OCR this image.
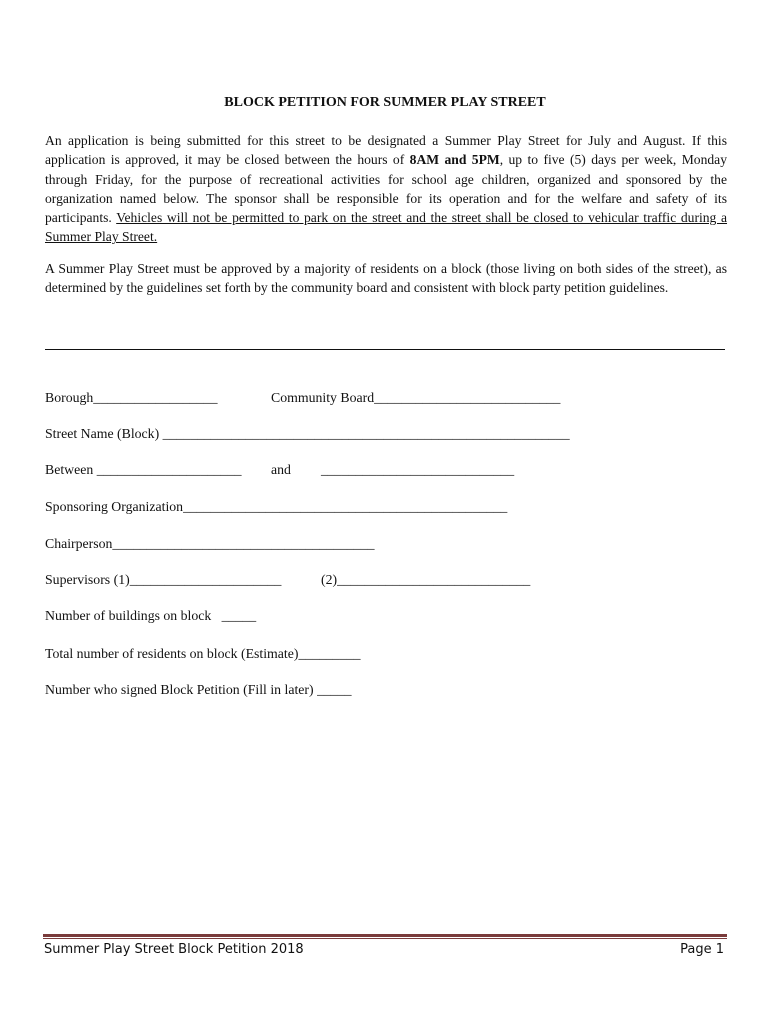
BLOCK PETITION FOR SUMMER PLAY STREET
An application is being submitted for this street to be designated a Summer Play Street for July and August. If this application is approved, it may be closed between the hours of 8AM and 5PM, up to five (5) days per week, Monday through Friday, for the purpose of recreational activities for school age children, organized and sponsored by the organization named below. The sponsor shall be responsible for its operation and for the welfare and safety of its participants. Vehicles will not be permitted to park on the street and the street shall be closed to vehicular traffic during a Summer Play Street.
A Summer Play Street must be approved by a majority of residents on a block (those living on both sides of the street), as determined by the guidelines set forth by the community board and consistent with block party petition guidelines.
Borough__________________	Community Board___________________________
Street Name (Block) ___________________________________________________________
Between _____________________ and ____________________________
Sponsoring Organization_______________________________________________
Chairperson______________________________________
Supervisors (1)______________________	(2)____________________________
Number of buildings on block   _____
Total number of residents on block (Estimate)_________
Number who signed Block Petition (Fill in later) _____
Summer Play Street Block Petition 2018	Page 1
